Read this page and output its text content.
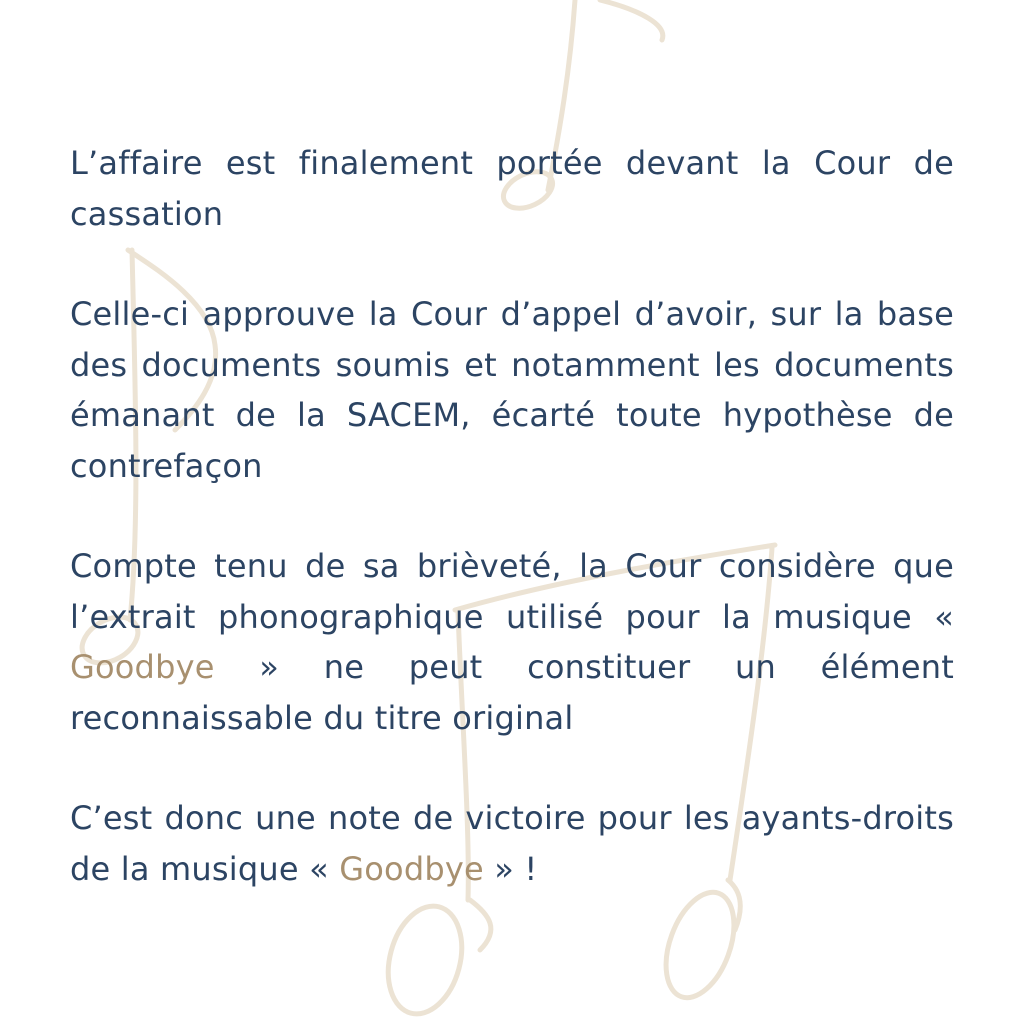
L’affaire est finalement portée devant la Cour de cassation

Celle-ci approuve la Cour d’appel d’avoir, sur la base des documents soumis et notamment les documents émanant de la SACEM, écarté toute hypothèse de contrefaçon

Compte tenu de sa brièveté, la Cour considère que l’extrait phonographique utilisé pour la musique « Goodbye » ne peut constituer un élément reconnaissable du titre original

C’est donc une note de victoire pour les ayants-droits de la musique « Goodbye » !
